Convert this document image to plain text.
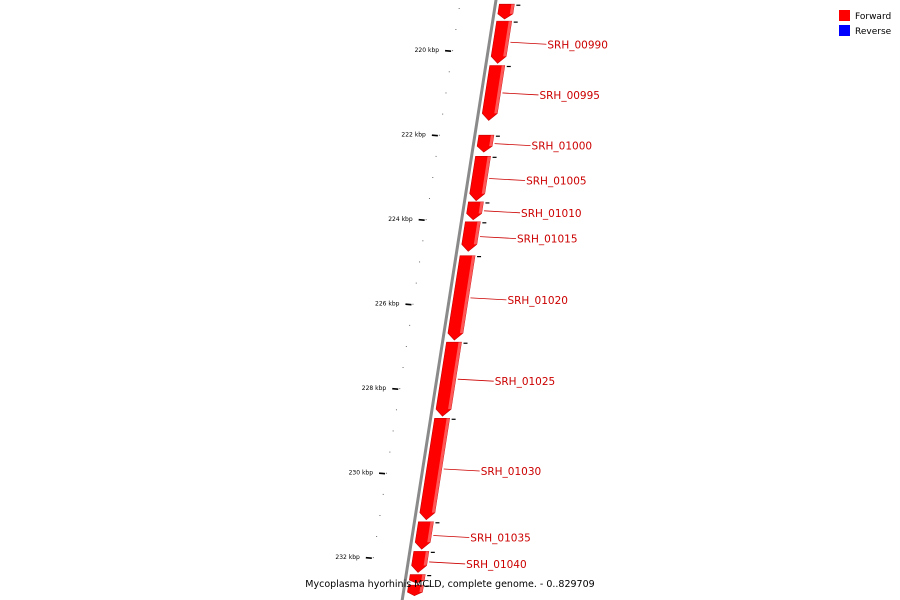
220 kbp
222 kbp
224 kbp
226 kbp
228 kbp
230 kbp
232 kbp
SRH_00990
SRH_00995
SRH_01000
SRH_01005
SRH_01010
SRH_01015
SRH_01020
SRH_01025
SRH_01030
SRH_01035
SRH_01040
Forward
Reverse
Mycoplasma hyorhinis MCLD, complete genome. - 0..829709
